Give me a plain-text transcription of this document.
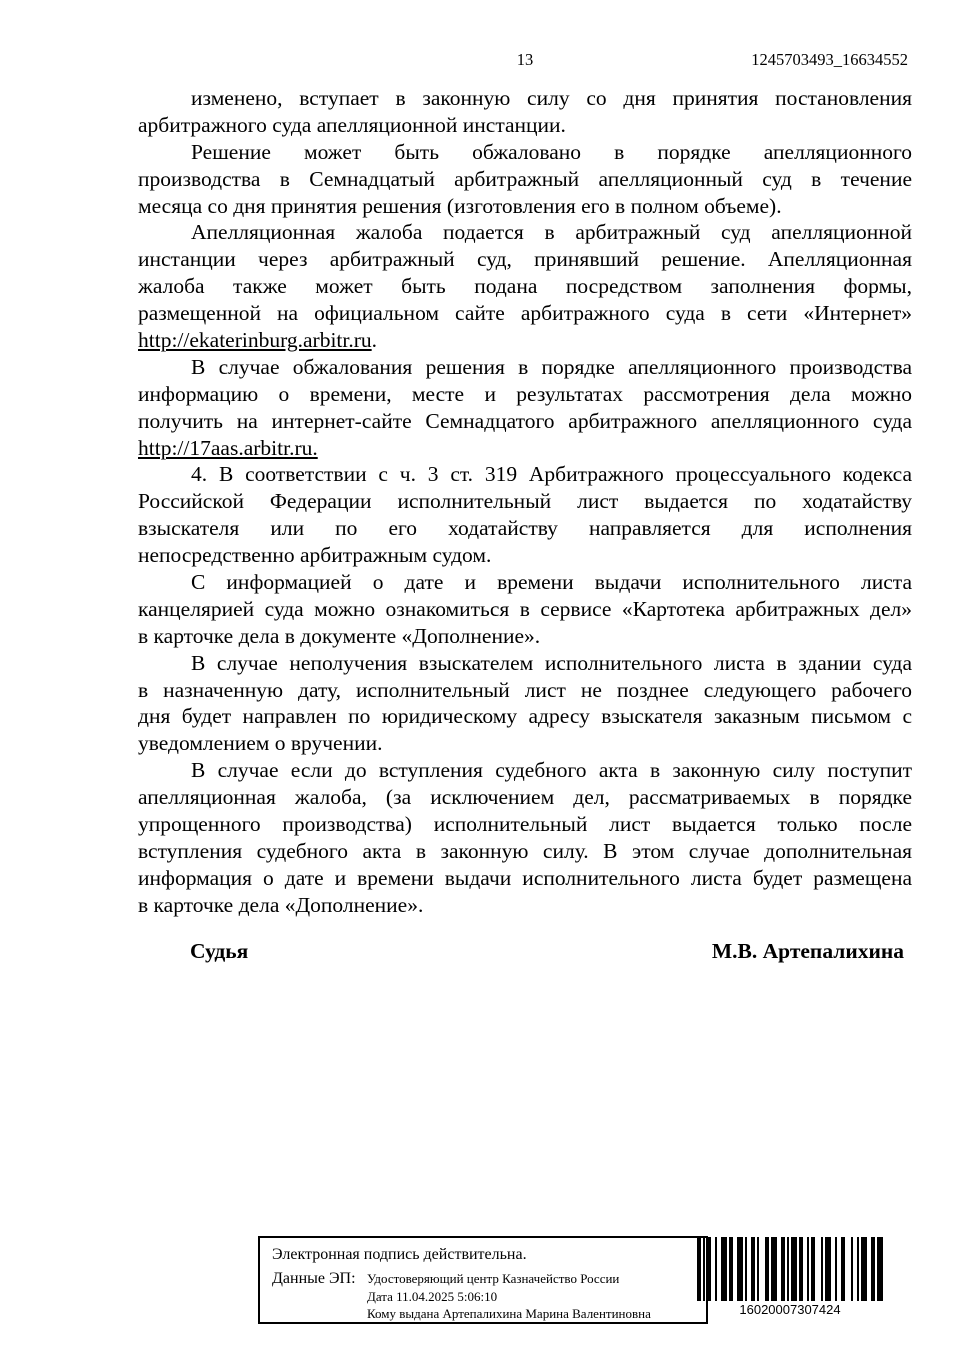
13	1245703493_16634552
изменено, вступает в законную силу со дня принятия постановления
арбитражного суда апелляционной инстанции.
Решение может быть обжаловано в порядке апелляционного
производства в Семнадцатый арбитражный апелляционный суд в течение
месяца со дня принятия решения (изготовления его в полном объеме).
Апелляционная жалоба подается в арбитражный суд апелляционной
инстанции через арбитражный суд, принявший решение. Апелляционная
жалоба также может быть подана посредством заполнения формы,
размещенной на официальном сайте арбитражного суда в сети «Интернет»
http://ekaterinburg.arbitr.ru.
В случае обжалования решения в порядке апелляционного производства
информацию о времени, месте и результатах рассмотрения дела можно
получить на интернет-сайте Семнадцатого арбитражного апелляционного суда
http://17aas.arbitr.ru.
4. В соответствии с ч. 3 ст. 319 Арбитражного процессуального кодекса
Российской Федерации исполнительный лист выдается по ходатайству
взыскателя или по его ходатайству направляется для исполнения
непосредственно арбитражным судом.
С информацией о дате и времени выдачи исполнительного листа
канцелярией суда можно ознакомиться в сервисе «Картотека арбитражных дел»
в карточке дела в документе «Дополнение».
В случае неполучения взыскателем исполнительного листа в здании суда
в назначенную дату, исполнительный лист не позднее следующего рабочего
дня будет направлен по юридическому адресу взыскателя заказным письмом с
уведомлением о вручении.
В случае если до вступления судебного акта в законную силу поступит
апелляционная жалоба, (за исключением дел, рассматриваемых в порядке
упрощенного производства) исполнительный лист выдается только после
вступления судебного акта в законную силу. В этом случае дополнительная
информация о дате и времени выдачи исполнительного листа будет размещена
в карточке дела «Дополнение».
Судья	М.В. Артепалихина
Электронная подпись действительна.
Данные ЭП: Удостоверяющий центр Казначейство России
Дата 11.04.2025 5:06:10
Кому выдана Артепалихина Марина Валентиновна	16020007307424
